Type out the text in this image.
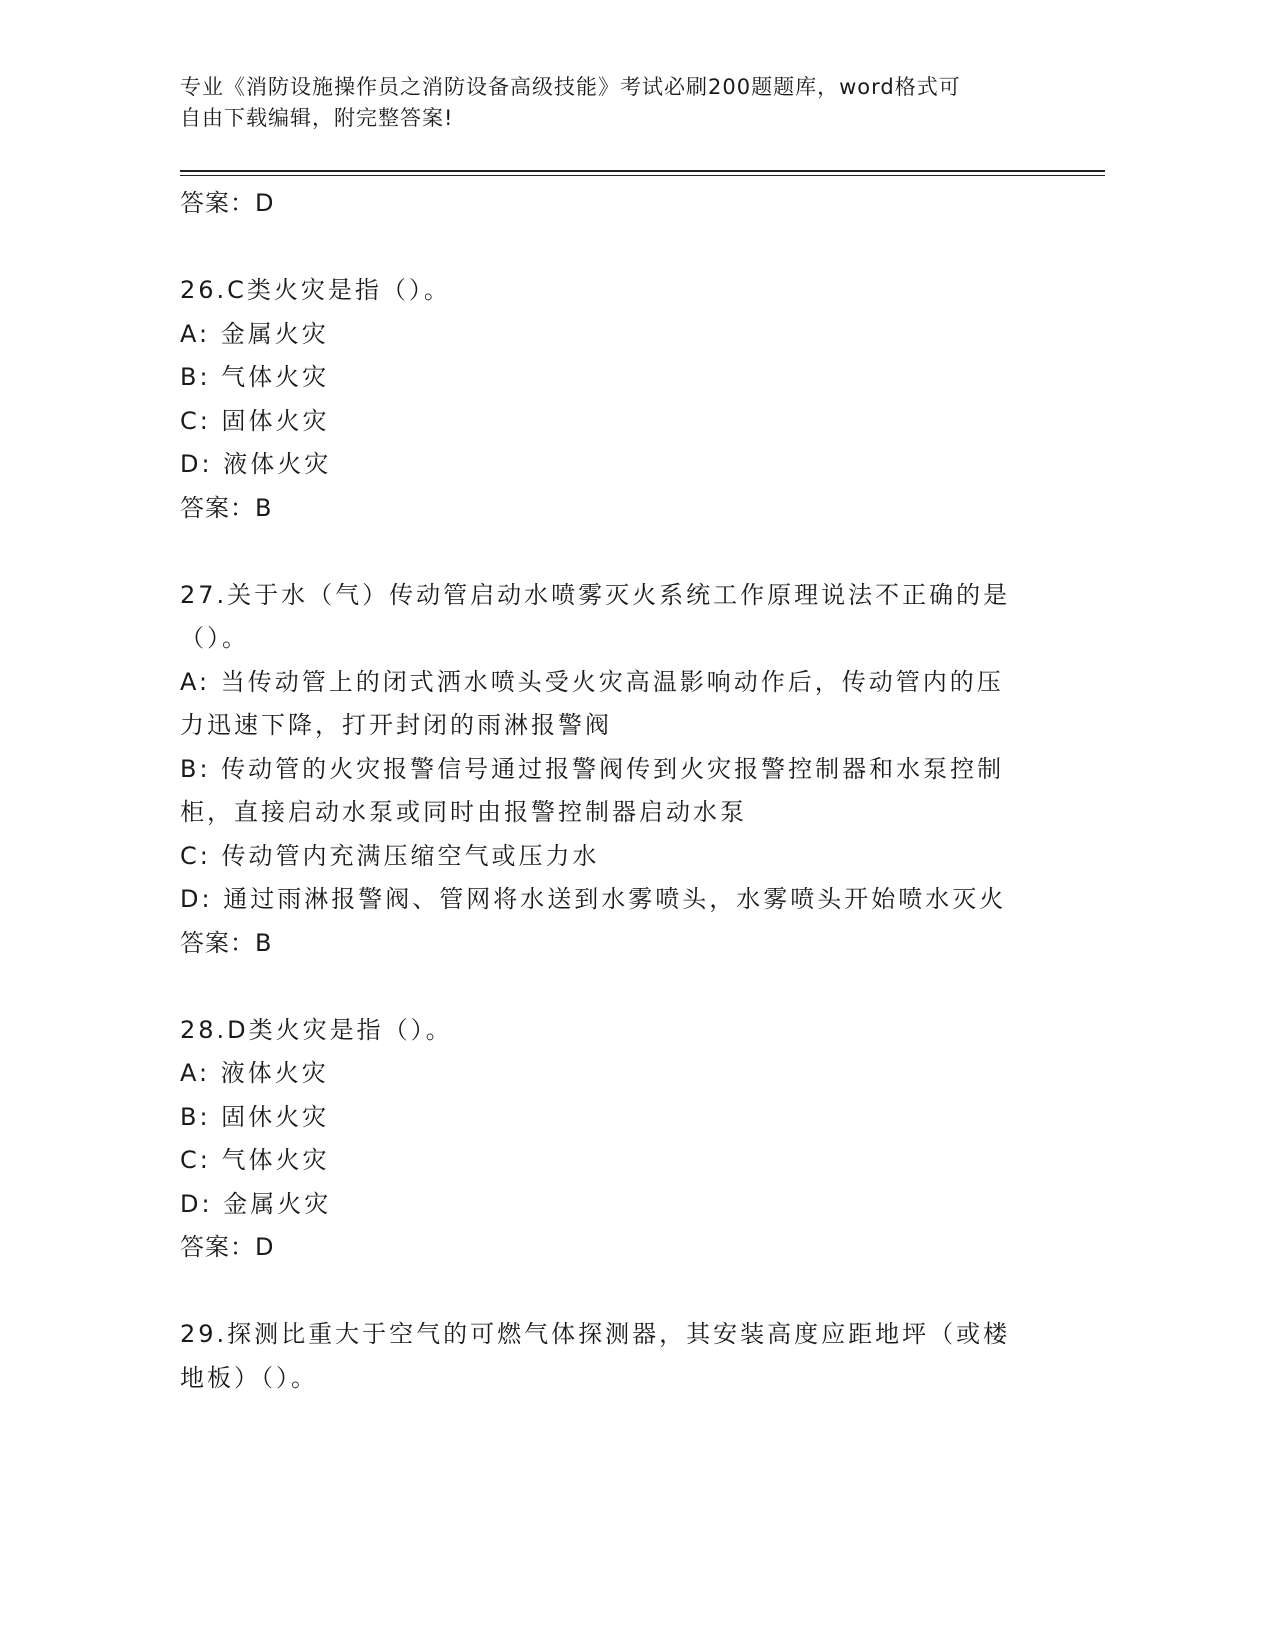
专业《消防设施操作员之消防设备高级技能》考试必刷200题题库，word格式可
自由下载编辑，附完整答案!
答案：D
26.C类火灾是指（）。
A: 金属火灾
B: 气体火灾
C: 固体火灾
D: 液体火灾
答案：B
27.关于水（气）传动管启动水喷雾灭火系统工作原理说法不正确的是
（）。
A: 当传动管上的闭式洒水喷头受火灾高温影响动作后，传动管内的压
力迅速下降，打开封闭的雨淋报警阀
B: 传动管的火灾报警信号通过报警阀传到火灾报警控制器和水泵控制
柜，直接启动水泵或同时由报警控制器启动水泵
C: 传动管内充满压缩空气或压力水
D: 通过雨淋报警阀、管网将水送到水雾喷头，水雾喷头开始喷水灭火
答案：B
28.D类火灾是指（）。
A: 液体火灾
B: 固休火灾
C: 气体火灾
D: 金属火灾
答案：D
29.探测比重大于空气的可燃气体探测器，其安装高度应距地坪（或楼
地板）（）。
